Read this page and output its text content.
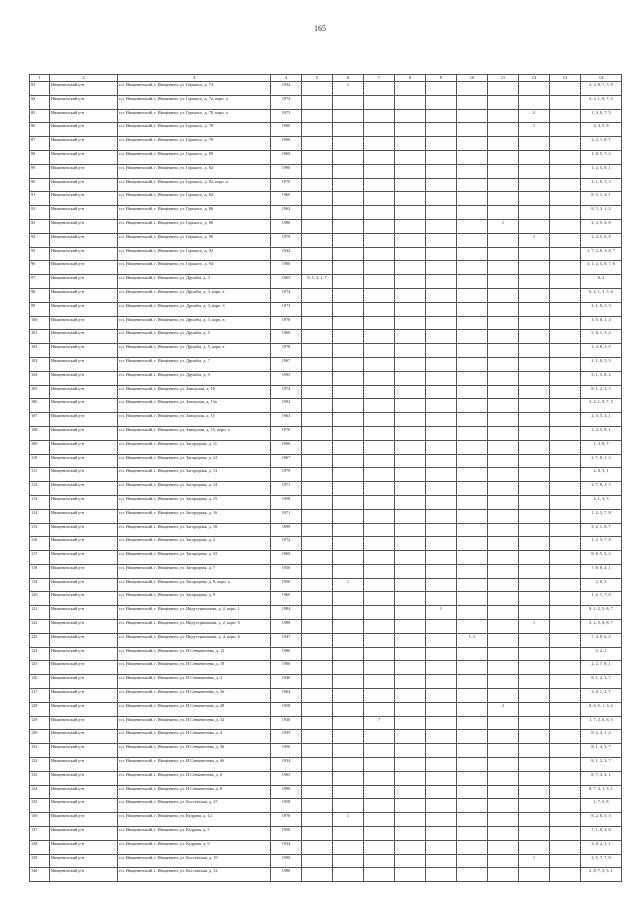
165
1	2	3	4	5	6	7	8	9	10	11	12	13	14
83	Ивацевичский р-н	г.п. Ивацевичский, г. Ивацевичи, ул. Горького, д. 74	1932		1								2, 3, 8, 7, 5, 9
84	Ивацевичский р-н	г.п. Ивацевичский, г. Ивацевичи, ул. Горького, д. 74, корп. а	1974										5, 3, 1, 8, 7, 3
85	Ивацевичский р-н	г.п. Ивацевичский, г. Ивацевичи, ул. Горького, д. 78, корп. а	1975								2		1, 3, 8, 7, 5
86	Ивацевичский р-н	г.п. Ивацевичский, г. Ивацевичи, ул. Горького, д. 78	1990								1		3, 3, 5, 8
87	Ивацевичский р-н	г.п. Ивацевичский, г. Ивацевичи, ул. Горького, д. 79	1996										3, 2, 1, 8, 7
88	Ивацевичский р-н	г.п. Ивацевичский, г. Ивацевичи, ул. Горького, д. 80	1960										1, 8, 5, 7, 2
89	Ивацевичский р-н	г.п. Ивацевичский, г. Ивацевичи, ул. Горького, д. 82	1990										1, 2, 5, 8, 1
90	Ивацевичский р-н	г.п. Ивацевичский, г. Ивацевичи, ул. Горького, д. 82, корп. а	1970										2, 1, 8, 5, 3
91	Ивацевичский р-н	г.п. Ивацевичский, г. Ивацевичи, ул. Горького, д. 84	1960										8, 5, 1, 2, 1
92	Ивацевичский р-н	г.п. Ивацевичский, г. Ивацевичи, ул. Горького, д. 86	1962										8, 5, 3, 1, 2
93	Ивацевичский р-н	г.п. Ивацевичский, г. Ивацевичи, ул. Горького, д. 88	1980							1			2, 3, 5, 6, 8
94	Ивацевичский р-н	г.п. Ивацевичский, г. Ивацевичи, ул. Горького, д. 90	1979								1		2, 3, 5, 6, 8
95	Ивацевичский р-н	г.п. Ивацевичский, г. Ивацевичи, ул. Горького, д. 92	1942										1, 7, 2, 8, 3, 6, 7
96	Ивацевичский р-н	г.п. Ивацевичский, г. Ивацевичи, ул. Горького, д. 94	1980										3, 1, 2, 5, 8, 7, 6
97	Ивацевичский р-н	г.п. Ивацевичский, г. Ивацевичи, ул. Дружбы, д. 3	1965	8, 5, 3, 1, 7									6, 2
98	Ивацевичский р-н	г.п. Ивацевичский, г. Ивацевичи, ул. Дружбы, д. 3, корп. а	1974										6, 2, 1, 3, 5, 6
99	Ивацевичский р-н	г.п. Ивацевичский, г. Ивацевичи, ул. Дружбы, д. 3, корп. б	1973										2, 1, 8, 5, 3
100	Ивацевичский р-н	г.п. Ивацевичский, г. Ивацевичи, ул. Дружбы, д. 3, корп. в	1978										3, 5, 8, 1, 2
101	Ивацевичский р-н	г.п. Ивацевичский, г. Ивацевичи, ул. Дружбы, д. 5	1966										5, 8, 1, 3, 2
102	Ивацевичский р-н	г.п. Ивацевичский, г. Ивацевичи, ул. Дружбы, д. 5, корп. а	1978										2, 3, 8, 1, 5
103	Ивацевичский р-н	г.п. Ивацевичский, г. Ивацевичи, ул. Дружбы, д. 7	1967										2, 1, 8, 5, 3
104	Ивацевичский р-н	г.п. Ивацевичский, г. Ивацевичи, ул. Дружбы, д. 9	1995										3, 1, 5, 8, 2
105	Ивацевичский р-н	г.п. Ивацевичский, г. Ивацевичи, ул. Заводская, д. 10	1974										8, 1, 2, 5, 3
106	Ивацевичский р-н	г.п. Ивацевичский, г. Ивацевичи, ул. Заводская, д. 13а	1992										3, 2, 1, 8, 7, 5
107	Ивацевичский р-н	г.п. Ивацевичский, г. Ивацевичи, ул. Заводская, д. 15	1963										2, 3, 5, 3, 1
108	Ивацевичский р-н	г.п. Ивацевичский, г. Ивацевичи, ул. Заводская, д. 15, корп. а	1976										2, 3, 5, 8, 1
109	Ивацевичский р-н	г.п. Ивацевичский, г. Ивацевичи, ул. Загородная, д. 11	1996										1, 3, 8, 7
110	Ивацевичский р-н	г.п. Ивацевичский, г. Ивацевичи, ул. Загородная, д. 12	1967										3, 7, 8, 1, 2
111	Ивацевичский р-н	г.п. Ивацевичский, г. Ивацевичи, ул. Загородная, д. 13	1979										2, 8, 3, 1
112	Ивацевичский р-н	г.п. Ивацевичский, г. Ивацевичи, ул. Загородная, д. 14	1971										2, 7, 8, 1, 3
113	Ивацевичский р-н	г.п. Ивацевичский, г. Ивацевичи, ул. Загородная, д. 15	1958										2, 1, 3, 5
114	Ивацевичский р-н	г.п. Ивацевичский, г. Ивацевичи, ул. Загородная, д. 16	1971										1, 2, 3, 7, 8
115	Ивацевичский р-н	г.п. Ивацевичский, г. Ивацевичи, ул. Загородная, д. 18	1899										3, 2, 1, 8, 7
116	Ивацевичский р-н	г.п. Ивацевичский, г. Ивацевичи, ул. Загородная, д. 2	1972										1, 2, 3, 7, 8
117	Ивацевичский р-н	г.п. Ивацевичский, г. Ивацевичи, ул. Загородная, д. 33	1960										8, 8, 5, 3, 2
118	Ивацевичский р-н	г.п. Ивацевичский, г. Ивацевичи, ул. Загородная, д. 7	1956										7, 8, 8, 2, 1
119	Ивацевичский р-н	г.п. Ивацевичский, г. Ивацевичи, ул. Загородная, д. 8, корп. а	1956		1								2, 8, 3
120	Ивацевичский р-н	г.п. Ивацевичский, г. Ивацевичи, ул. Загородная, д. 9	1960										1, 2, 1, 7, 8
121	Ивацевичский р-н	г.п. Ивацевичский, г. Ивацевичи, ул. Индустриальная, д. 2, корп. 1	1984					1					8, 1, 2, 5, 8, 7
122	Ивацевичский р-н	г.п. Ивацевичский, г. Ивацевичи, ул. Индустриальная, д. 2, корп. 6	1988								1		3, 2, 5, 6, 8, 7
123	Ивацевичский р-н	г.п. Ивацевичский, г. Ивацевичи, ул. Индустриальная, д. 4, корп. 6	1947						1, 5				7, 4, 8, 6, 5
124	Ивацевичский р-н	г.п. Ивацевичский, г. Ивацевичи, ул. И.Сенкевичева, д. 12	1986										5, 2, 1
125	Ивацевичский р-н	г.п. Ивацевичский, г. Ивацевичи, ул. И.Сенкевичева, д. 18	1986										2, 2, 7, 8, 1
126	Ивацевичский р-н	г.п. Ивацевичский, г. Ивацевичи, ул. И.Сенкевичева, д. 2	1946										8, 1, 2, 3, 7
127	Ивацевичский р-н	г.п. Ивацевичский, г. Ивацевичи, ул. И.Сенкевичева, д. 26	1964										3, 8, 1, 2, 7
128	Ивацевичский р-н	г.п. Ивацевичский, г. Ивацевичи, ул. И.Сенкевичева, д. 28	1958							2			8, 6, 5, 1, 3, 2
129	Ивацевичский р-н	г.п. Ивацевичский, г. Ивацевичи, ул. И.Сенкевичева, д. 32	1930			7							1, 7, 3, 6, 8, 5
130	Ивацевичский р-н	г.п. Ивацевичский, г. Ивацевичи, ул. И.Сенкевичева, д. 4	1935										8, 2, 3, 1, 2
131	Ивацевичский р-н	г.п. Ивацевичский, г. Ивацевичи, ул. И.Сенкевичева, д. 36	1956										8, 1, 2, 3, 7
132	Ивацевичский р-н	г.п. Ивацевичский, г. Ивацевичи, ул. И.Сенкевичева, д. 4б	1934										8, 1, 2, 3, 7
133	Ивацевичский р-н	г.п. Ивацевичский, г. Ивацевичи, ул. И.Сенкевичева, д. 6	1905										8, 7, 3, 2, 1
134	Ивацевичский р-н	г.п. Ивацевичский, г. Ивацевичи, ул. И.Сенкевичева, д. 8	1896										8, 7, 3, 1, 5, 1
135	Ивацевичский р-н	г.п. Ивацевичский, г. Ивацевичи, ул. Коссовская, д. 27	1958										1, 7, 2, 8
136	Ивацевичский р-н	г.п. Ивацевичский, г. Ивацевичи, ул. Кедрова, д. 12	1978		1								8, 2, 6, 5, 3
137	Ивацевичский р-н	г.п. Ивацевичский, г. Ивацевичи, ул. Кедрова, д. 5	1958										7, 1, 8, 3, 8
138	Ивацевичский р-н	г.п. Ивацевичский, г. Ивацевичи, ул. Кедрова, д. 9	1934										3, 8, 2, 1, 1
139	Ивацевичский р-н	г.п. Ивацевичский, г. Ивацевичи, ул. Коссовская, д. 19	1990								1		2, 5, 7, 7, 8
140	Ивацевичский р-н	г.п. Ивацевичский, г. Ивацевичи, ул. Коссовская, д. 12	1980										2, 8, 7, 5, 3, 1
